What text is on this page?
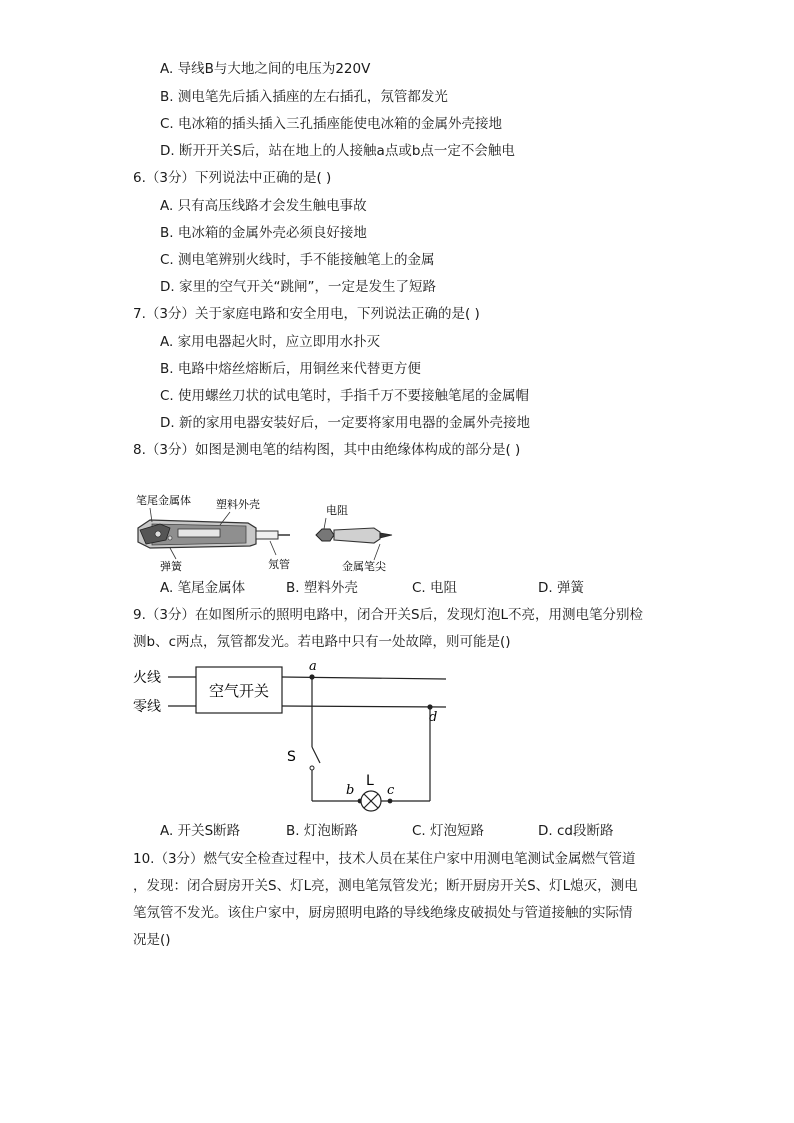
A. 导线B与大地之间的电压为220V
B. 测电笔先后插入插座的左右插孔，氖管都发光
C. 电冰箱的插头插入三孔插座能使电冰箱的金属外壳接地
D. 断开开关S后，站在地上的人接触a点或b点一定不会触电
6.（3分）下列说法中正确的是( )
A. 只有高压线路才会发生触电事故
B. 电冰箱的金属外壳必须良好接地
C. 测电笔辨别火线时，手不能接触笔上的金属
D. 家里的空气开关“跳闸”，一定是发生了短路
7.（3分）关于家庭电路和安全用电，下列说法正确的是( )
A. 家用电器起火时，应立即用水扑灭
B. 电路中熔丝熔断后，用铜丝来代替更方便
C. 使用螺丝刀状的试电笔时，手指千万不要接触笔尾的金属帽
D. 新的家用电器安装好后，一定要将家用电器的金属外壳接地
8.（3分）如图是测电笔的结构图，其中由绝缘体构成的部分是( )
笔尾金属体 塑料外壳	电阻
弹簧	氖管	金属笔尖
A. 笔尾金属体	B. 塑料外壳	C. 电阻	D. 弹簧
9.（3分）在如图所示的照明电路中，闭合开关S后，发现灯泡L不亮，用测电笔分别检
测b、c两点，氖管都发光。若电路中只有一处故障，则可能是()
火线
零线
空气开关
a
d
S
b
L
c
A. 开关S断路	B. 灯泡断路	C. 灯泡短路	D. cd段断路
10.（3分）燃气安全检查过程中，技术人员在某住户家中用测电笔测试金属燃气管道
，发现：闭合厨房开关S、灯L亮，测电笔氖管发光；断开厨房开关S、灯L熄灭，测电
笔氖管不发光。该住户家中，厨房照明电路的导线绝缘皮破损处与管道接触的实际情
况是()
